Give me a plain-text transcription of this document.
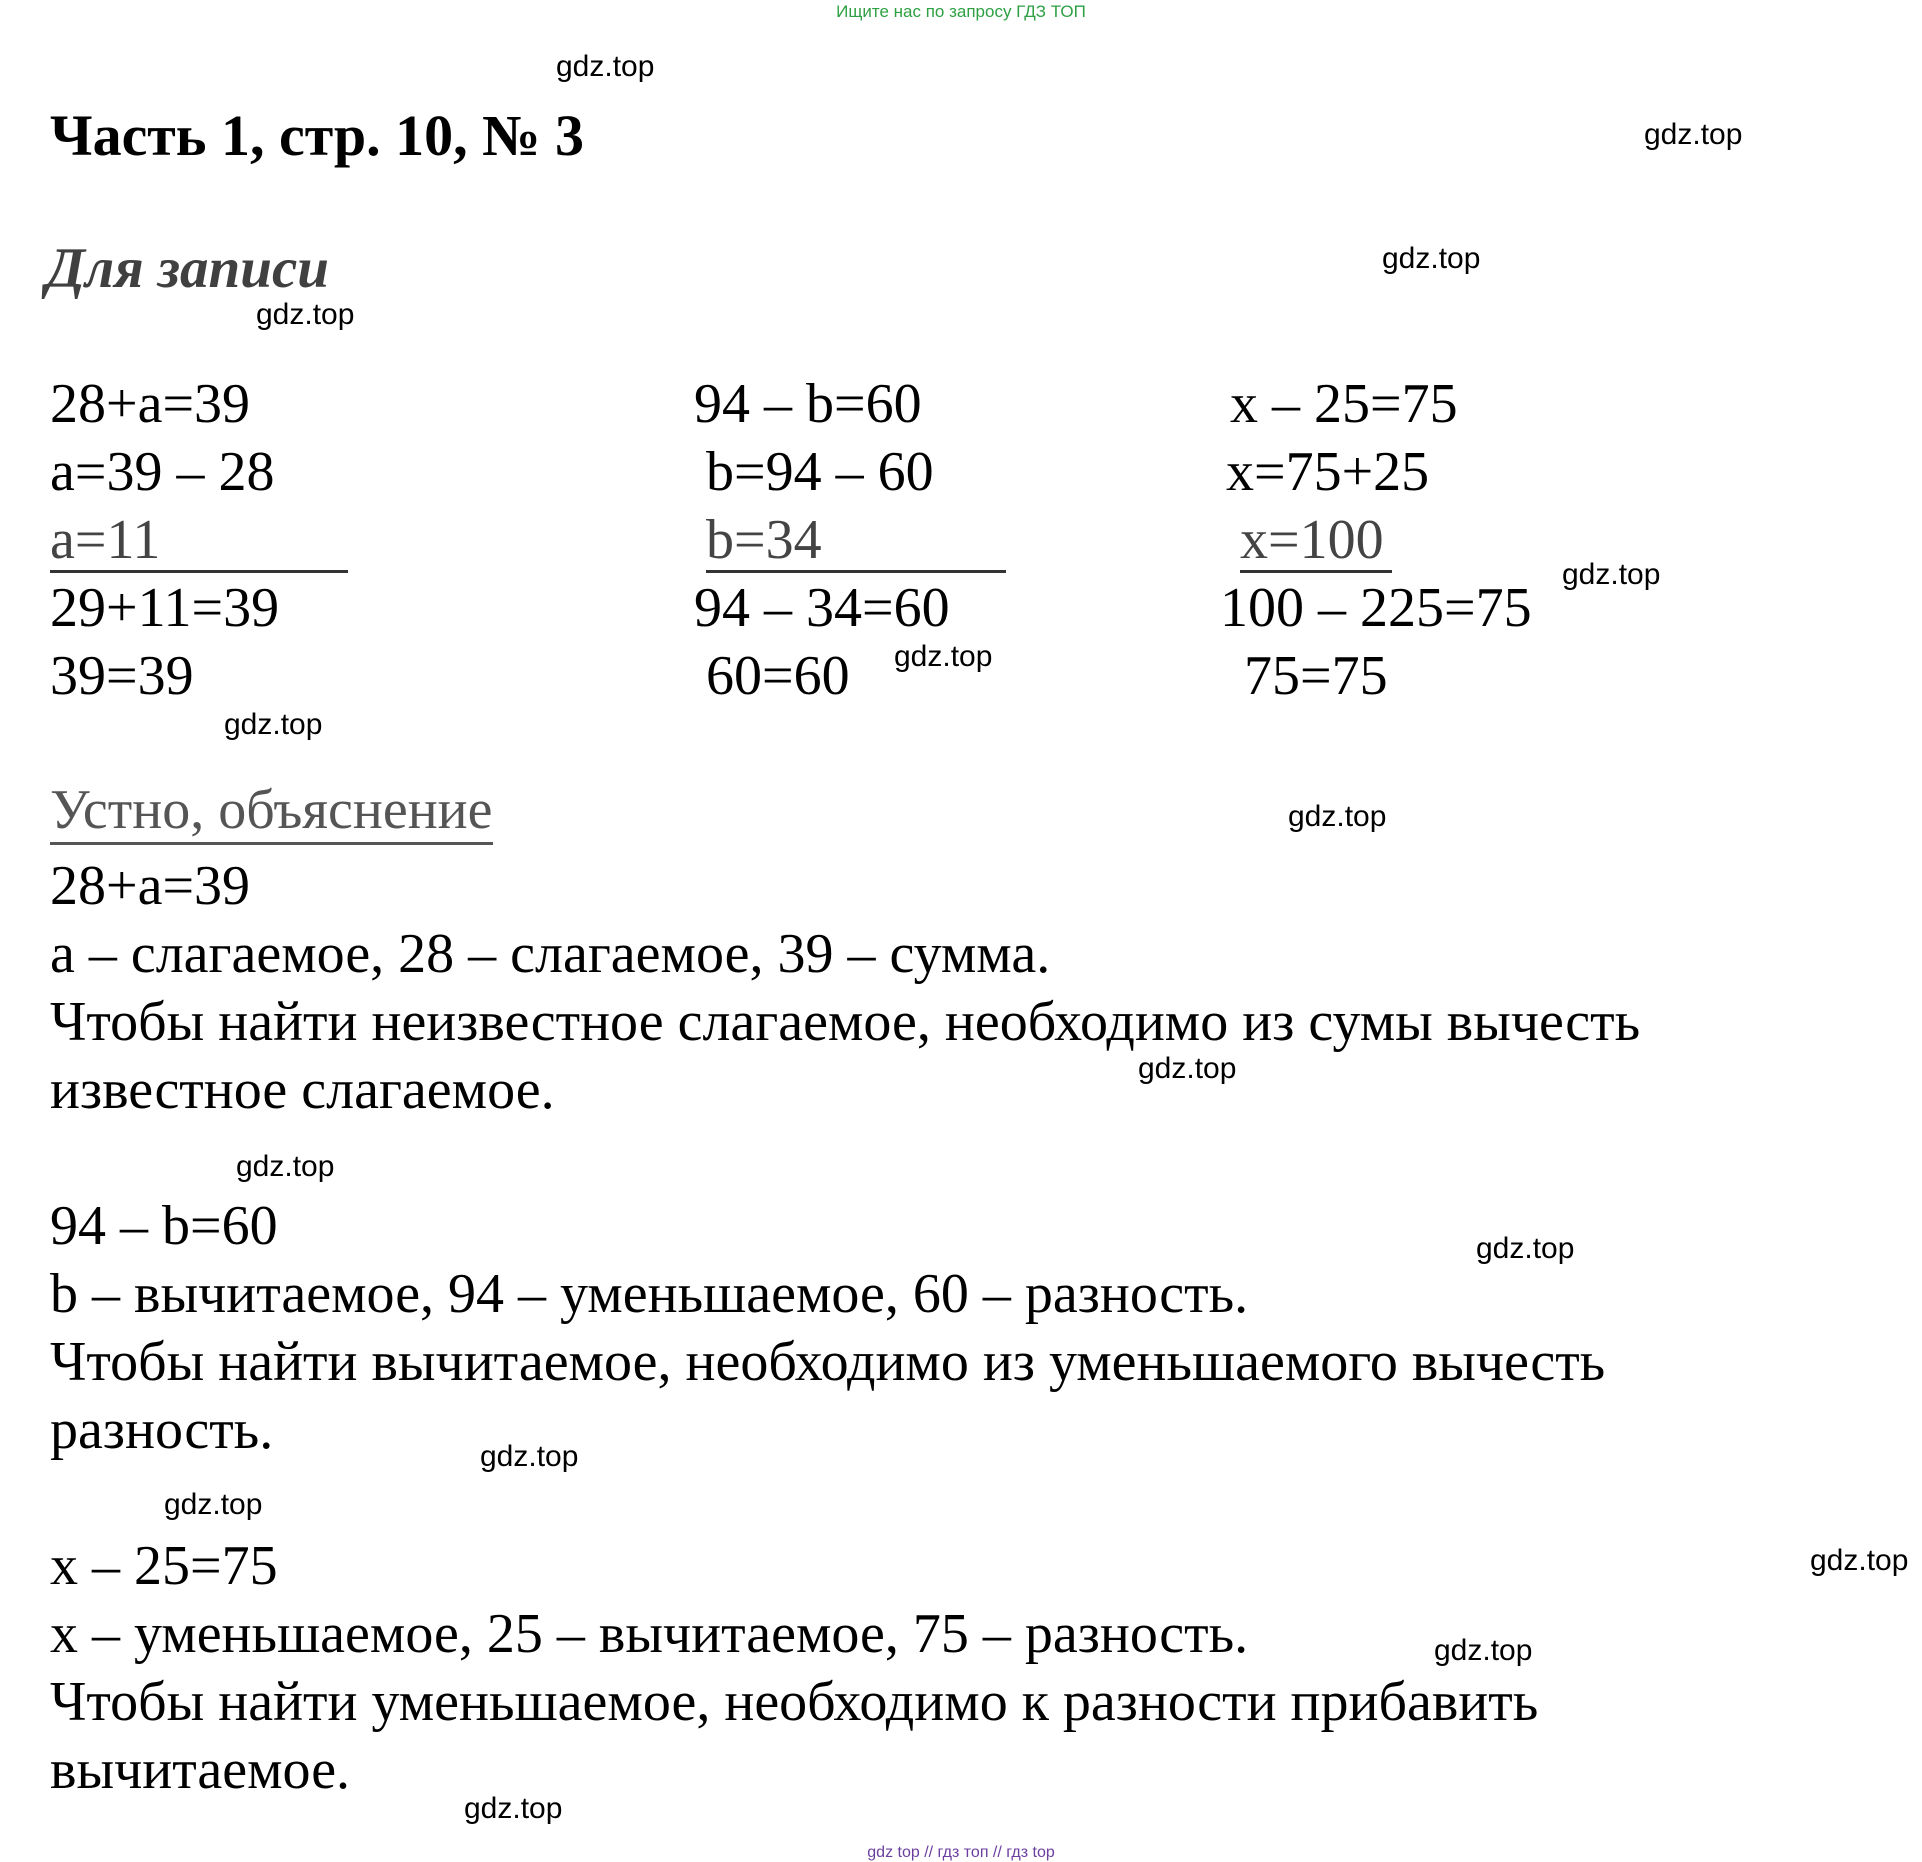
Ищите нас по запросу ГДЗ ТОП
gdz top // гдз топ // гдз top
Часть 1, стр. 10, № 3
Для записи
28+a=39
a=39 – 28
a=11
29+11=39
39=39
94 – b=60
b=94 – 60
b=34
94 – 34=60
60=60
x – 25=75
x=75+25
x=100
100 – 225=75
75=75
Устно, объяснение
28+a=39
a – слагаемое, 28 – слагаемое, 39 – сумма.
Чтобы найти неизвестное слагаемое, необходимо из сумы вычесть
известное слагаемое.
94 – b=60
b – вычитаемое, 94 – уменьшаемое, 60 – разность.
Чтобы найти вычитаемое, необходимо из уменьшаемого вычесть
разность.
x – 25=75
x – уменьшаемое, 25 – вычитаемое, 75 – разность.
Чтобы найти уменьшаемое, необходимо к разности прибавить
вычитаемое.
gdz.top
gdz.top
gdz.top
gdz.top
gdz.top
gdz.top
gdz.top
gdz.top
gdz.top
gdz.top
gdz.top
gdz.top
gdz.top
gdz.top
gdz.top
gdz.top
